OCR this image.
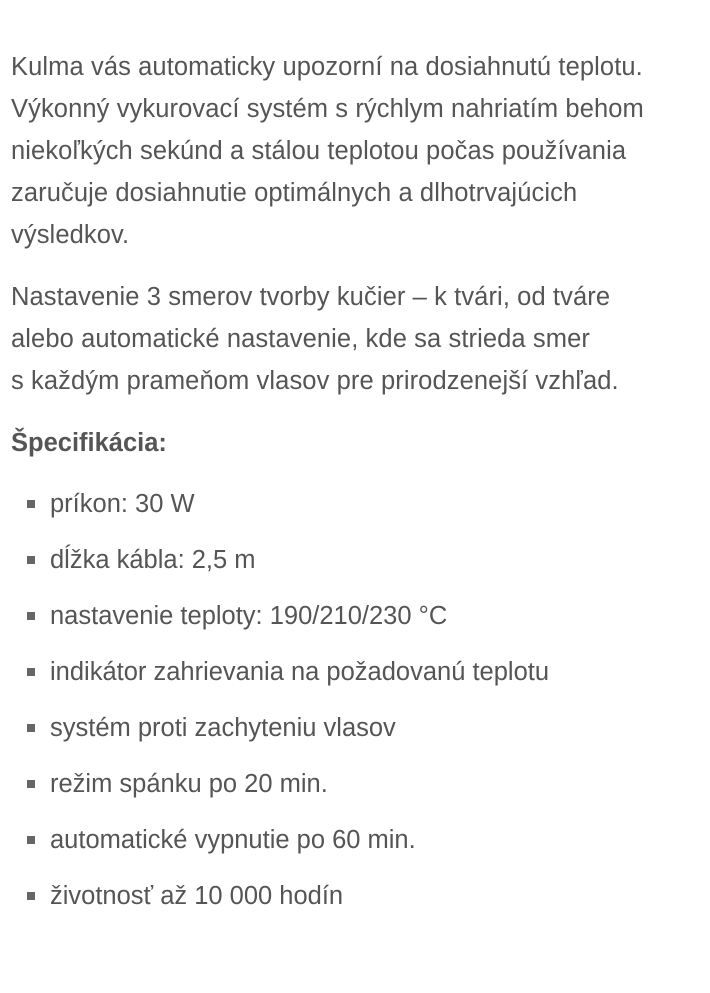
Kulma vás automaticky upozorní na dosiahnutú teplotu.
Výkonný vykurovací systém s rýchlym nahriatím behom
niekoľkých sekúnd a stálou teplotou počas používania
zaručuje dosiahnutie optimálnych a dlhotrvajúcich
výsledkov.

Nastavenie 3 smerov tvorby kučier – k tvári, od tváre
alebo automatické nastavenie, kde sa strieda smer
s každým prameňom vlasov pre prirodzenejší vzhľad.

Špecifikácia:
príkon: 30 W
dĺžka kábla: 2,5 m
nastavenie teploty: 190/210/230 °C
indikátor zahrievania na požadovanú teplotu
systém proti zachyteniu vlasov
režim spánku po 20 min.
automatické vypnutie po 60 min.
životnosť až 10 000 hodín
